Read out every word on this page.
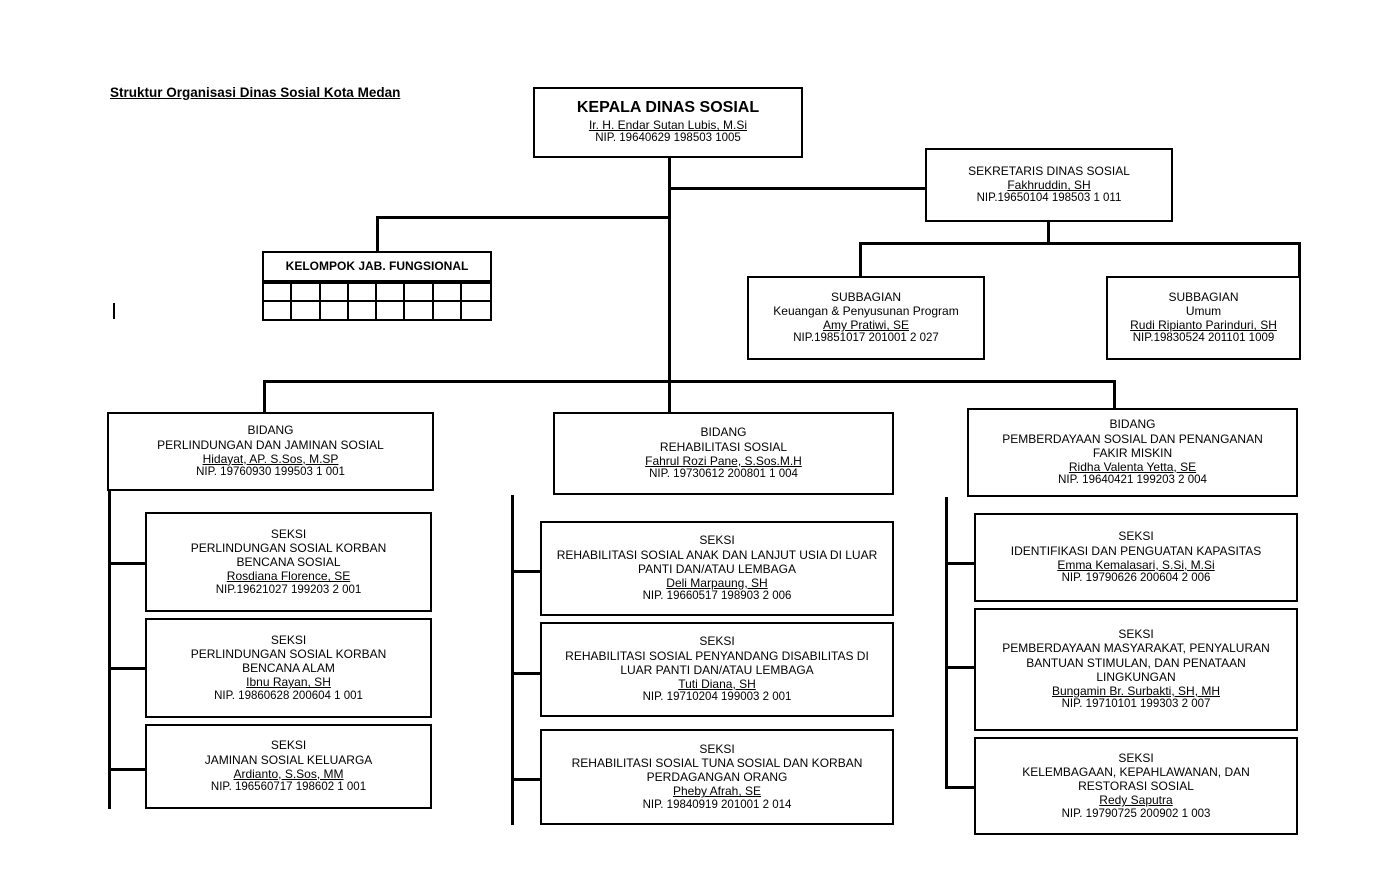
Struktur Organisasi Dinas Sosial Kota Medan
KEPALA DINAS SOSIAL
Ir. H. Endar Sutan Lubis, M.Si
NIP. 19640629 198503 1005
SEKRETARIS DINAS SOSIAL
Fakhruddin, SH
NIP.19650104 198503 1 011
KELOMPOK JAB. FUNGSIONAL
SUBBAGIAN
Keuangan & Penyusunan Program
Amy Pratiwi, SE
NIP.19851017 201001 2 027
SUBBAGIAN
Umum
Rudi Ripianto Parinduri, SH
NIP.19830524 201101 1009
BIDANG
PERLINDUNGAN DAN JAMINAN SOSIAL
Hidayat, AP. S.Sos, M.SP
NIP. 19760930 199503 1 001
BIDANG
REHABILITASI SOSIAL
Fahrul Rozi Pane, S.Sos.M.H
NIP. 19730612 200801 1 004
BIDANG
PEMBERDAYAAN SOSIAL DAN PENANGANAN
FAKIR MISKIN
Ridha Valenta Yetta, SE
NIP. 19640421 199203 2 004
SEKSI
PERLINDUNGAN SOSIAL KORBAN
BENCANA SOSIAL
Rosdiana Florence, SE
NIP.19621027 199203 2 001
SEKSI
PERLINDUNGAN SOSIAL KORBAN
BENCANA ALAM
Ibnu Rayan, SH
NIP. 19860628 200604 1 001
SEKSI
JAMINAN SOSIAL KELUARGA
Ardianto, S.Sos, MM
NIP. 196560717 198602 1 001
SEKSI
REHABILITASI SOSIAL ANAK DAN LANJUT USIA DI LUAR
PANTI DAN/ATAU LEMBAGA
Deli Marpaung, SH
NIP. 19660517 198903 2 006
SEKSI
REHABILITASI SOSIAL PENYANDANG DISABILITAS DI
LUAR PANTI DAN/ATAU LEMBAGA
Tuti Diana, SH
NIP. 19710204 199003 2 001
SEKSI
REHABILITASI SOSIAL TUNA SOSIAL DAN KORBAN
PERDAGANGAN ORANG
Pheby Afrah, SE
NIP. 19840919 201001 2 014
SEKSI
IDENTIFIKASI DAN PENGUATAN KAPASITAS
Emma Kemalasari, S.Si, M.Si
NIP. 19790626 200604 2 006
SEKSI
PEMBERDAYAAN MASYARAKAT, PENYALURAN
BANTUAN STIMULAN, DAN PENATAAN
LINGKUNGAN
Bungamin Br. Surbakti, SH, MH
NIP. 19710101 199303 2 007
SEKSI
KELEMBAGAAN, KEPAHLAWANAN, DAN
RESTORASI SOSIAL
Redy Saputra
NIP. 19790725 200902 1 003
